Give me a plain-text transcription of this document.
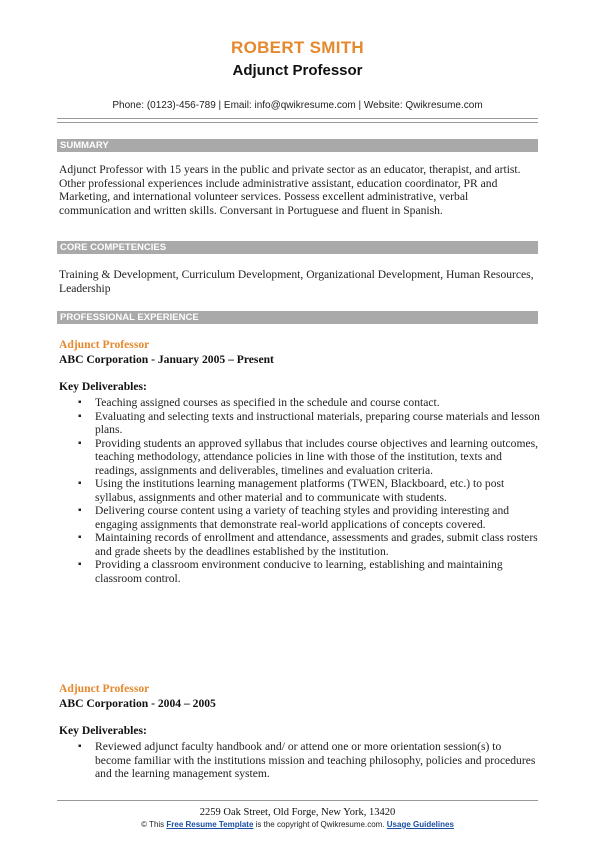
ROBERT SMITH
Adjunct Professor
Phone: (0123)-456-789 | Email: info@qwikresume.com | Website: Qwikresume.com
SUMMARY

Adjunct Professor with 15 years in the public and private sector as an educator, therapist, and artist. Other professional experiences include administrative assistant, education coordinator, PR and Marketing, and international volunteer services. Possess excellent administrative, verbal communication and written skills. Conversant in Portuguese and fluent in Spanish.

CORE COMPETENCIES

Training & Development, Curriculum Development, Organizational Development, Human Resources, Leadership

PROFESSIONAL EXPERIENCE
Adjunct Professor
ABC Corporation - January 2005 – Present
Key Deliverables:
▪ Teaching assigned courses as specified in the schedule and course contact.
▪ Evaluating and selecting texts and instructional materials, preparing course materials and lesson plans.
▪ Providing students an approved syllabus that includes course objectives and learning outcomes, teaching methodology, attendance policies in line with those of the institution, texts and readings, assignments and deliverables, timelines and evaluation criteria.
▪ Using the institutions learning management platforms (TWEN, Blackboard, etc.) to post syllabus, assignments and other material and to communicate with students.
▪ Delivering course content using a variety of teaching styles and providing interesting and engaging assignments that demonstrate real-world applications of concepts covered.
▪ Maintaining records of enrollment and attendance, assessments and grades, submit class rosters and grade sheets by the deadlines established by the institution.
▪ Providing a classroom environment conducive to learning, establishing and maintaining classroom control.
Adjunct Professor
ABC Corporation - 2004 – 2005
Key Deliverables:
▪ Reviewed adjunct faculty handbook and/ or attend one or more orientation session(s) to become familiar with the institutions mission and teaching philosophy, policies and procedures and the learning management system.
2259 Oak Street, Old Forge, New York, 13420
© This Free Resume Template is the copyright of Qwikresume.com. Usage Guidelines
